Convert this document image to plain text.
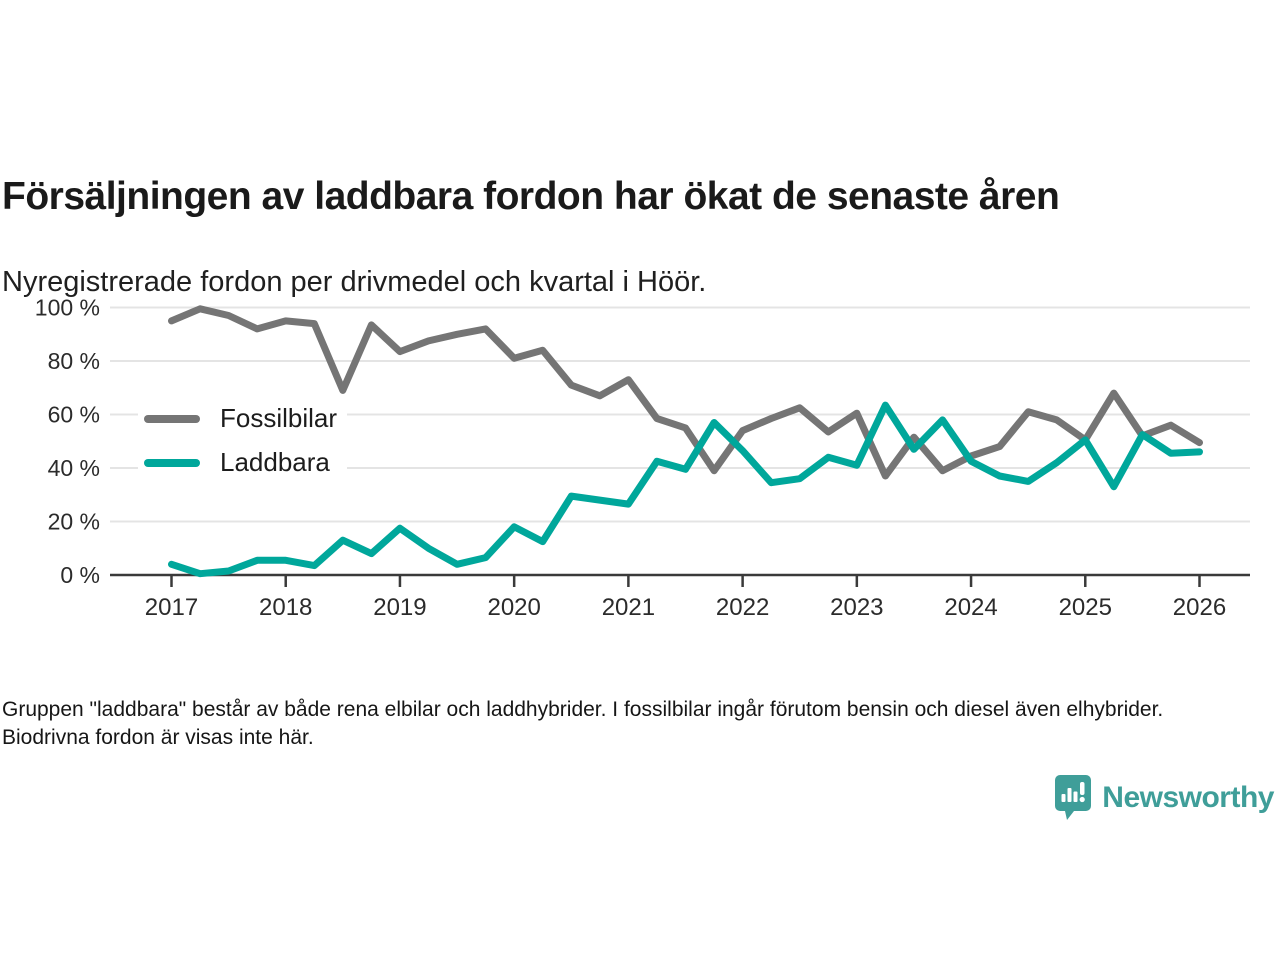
Försäljningen av laddbara fordon har ökat de senaste åren

Nyregistrerade fordon per drivmedel och kvartal i Höör.

0 %
20 %
40 %
60 %
80 %
100 %
2017	2018	2019	2020	2021	2022	2023	2024	2025	2026
Fossilbilar
Laddbara

Gruppen "laddbara" består av både rena elbilar och laddhybrider. I fossilbilar ingår förutom bensin och diesel även elhybrider. Biodrivna fordon är visas inte här.

Newsworthy
